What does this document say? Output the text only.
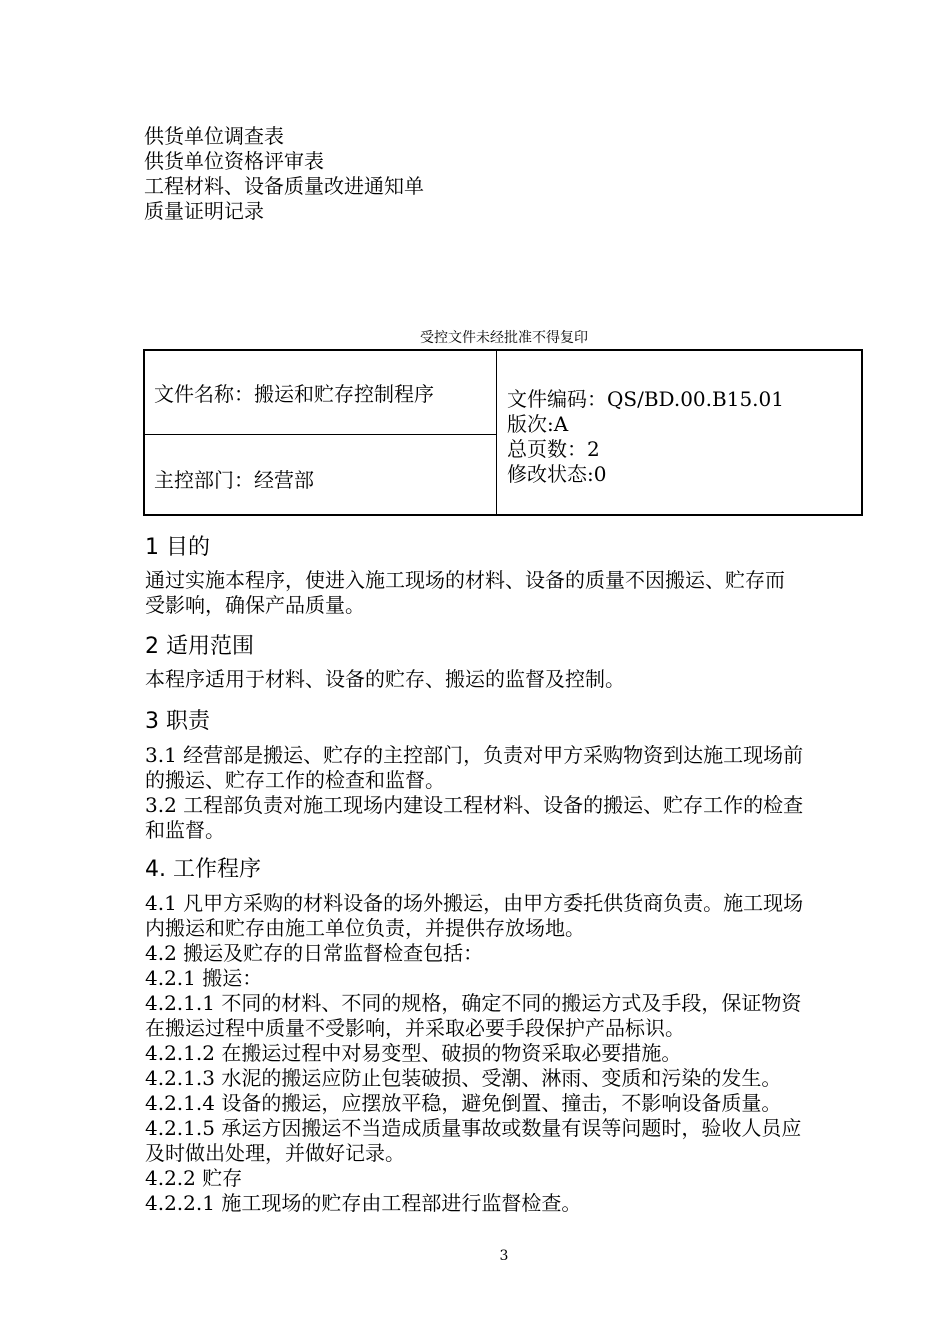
供货单位调查表
供货单位资格评审表
工程材料、设备质量改进通知单
质量证明记录
受控文件未经批准不得复印
文件名称：搬运和贮存控制程序
主控部门：经营部
文件编码：QS/BD.00.B15.01
版次:A
总页数：2
修改状态:0
1 目的
通过实施本程序，使进入施工现场的材料、设备的质量不因搬运、贮存而
受影响，确保产品质量。
2 适用范围
本程序适用于材料、设备的贮存、搬运的监督及控制。
3 职责
3.1 经营部是搬运、贮存的主控部门，负责对甲方采购物资到达施工现场前
的搬运、贮存工作的检查和监督。
3.2 工程部负责对施工现场内建设工程材料、设备的搬运、贮存工作的检查
和监督。
4. 工作程序
4.1 凡甲方采购的材料设备的场外搬运，由甲方委托供货商负责。施工现场
内搬运和贮存由施工单位负责，并提供存放场地。
4.2 搬运及贮存的日常监督检查包括：
4.2.1 搬运：
4.2.1.1 不同的材料、不同的规格，确定不同的搬运方式及手段，保证物资
在搬运过程中质量不受影响，并采取必要手段保护产品标识。
4.2.1.2 在搬运过程中对易变型、破损的物资采取必要措施。
4.2.1.3 水泥的搬运应防止包装破损、受潮、淋雨、变质和污染的发生。
4.2.1.4 设备的搬运，应摆放平稳，避免倒置、撞击，不影响设备质量。
4.2.1.5 承运方因搬运不当造成质量事故或数量有误等问题时，验收人员应
及时做出处理，并做好记录。
4.2.2 贮存
4.2.2.1 施工现场的贮存由工程部进行监督检查。
3
